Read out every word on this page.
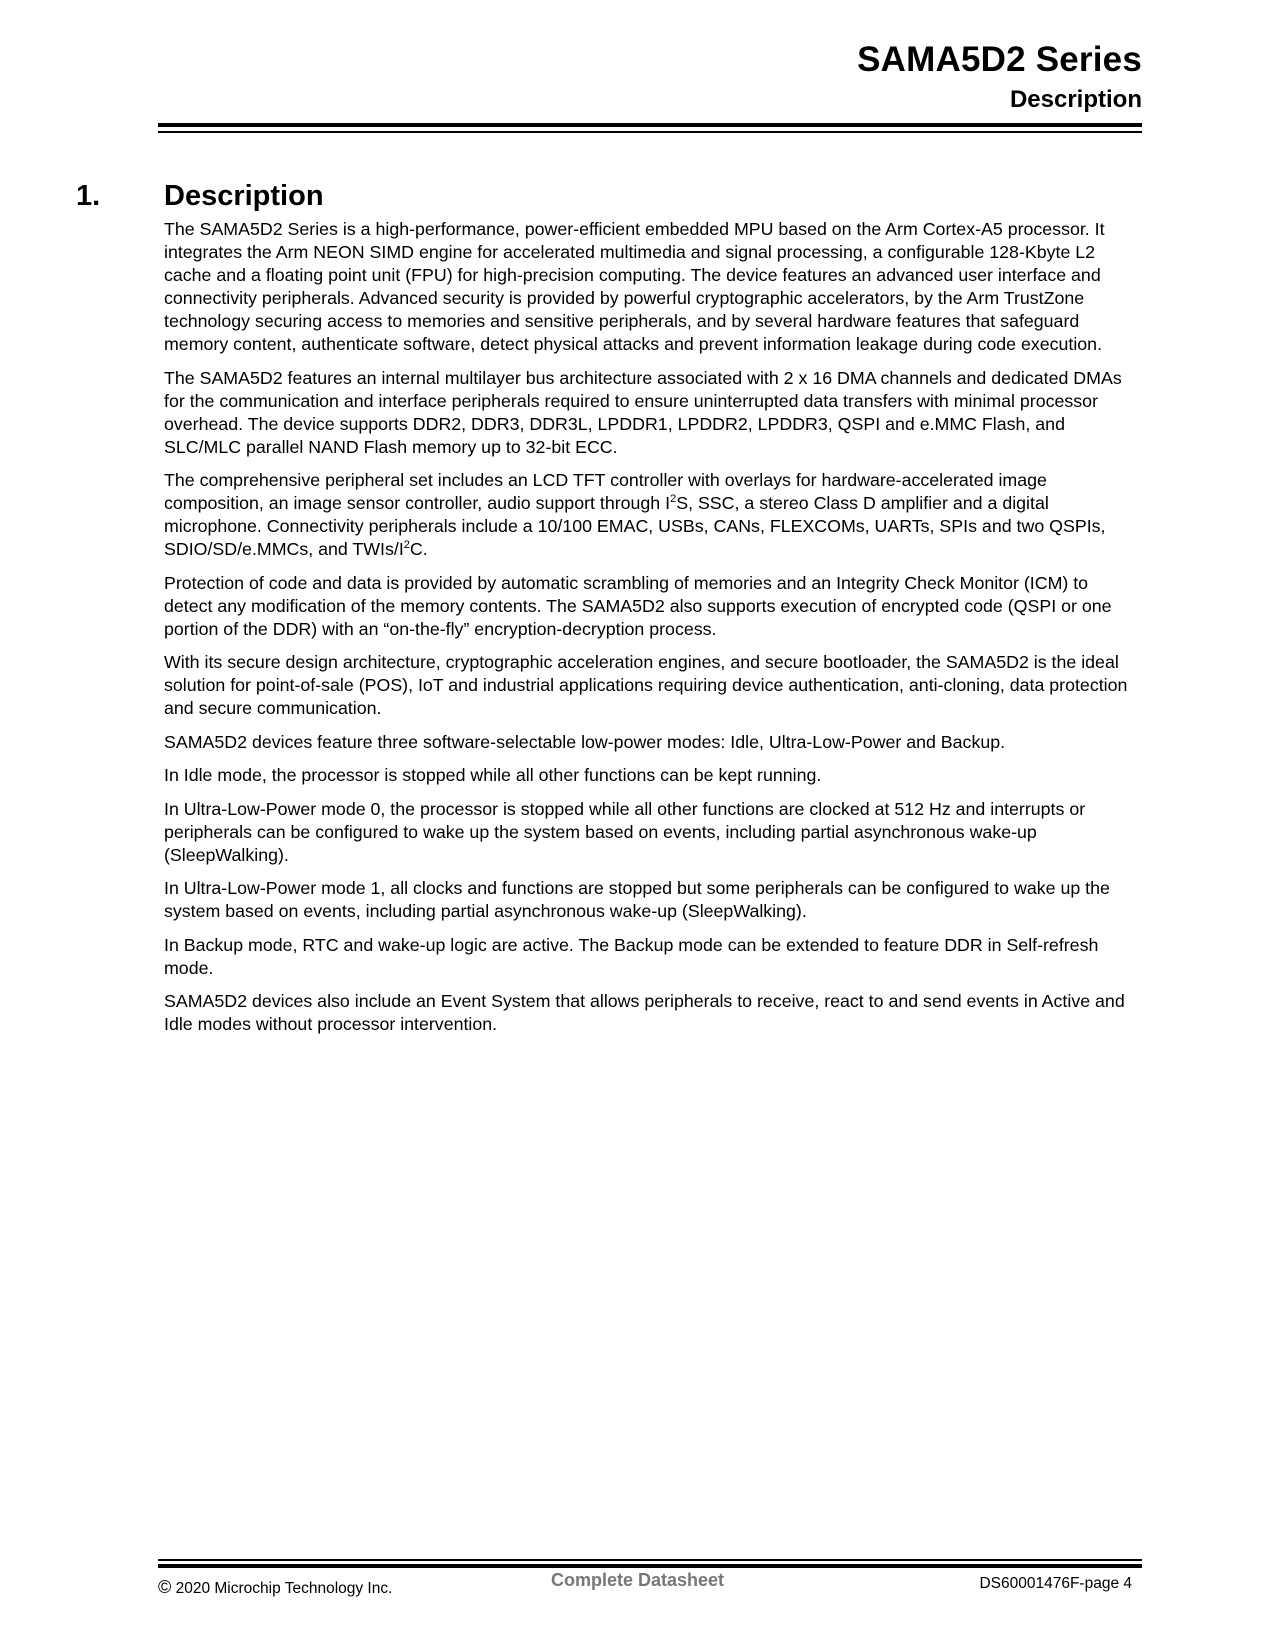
SAMA5D2 Series
Description
1. Description

The SAMA5D2 Series is a high-performance, power-efficient embedded MPU based on the Arm Cortex-A5 processor. It integrates the Arm NEON SIMD engine for accelerated multimedia and signal processing, a configurable 128-Kbyte L2 cache and a floating point unit (FPU) for high-precision computing. The device features an advanced user interface and connectivity peripherals. Advanced security is provided by powerful cryptographic accelerators, by the Arm TrustZone technology securing access to memories and sensitive peripherals, and by several hardware features that safeguard memory content, authenticate software, detect physical attacks and prevent information leakage during code execution.

The SAMA5D2 features an internal multilayer bus architecture associated with 2 x 16 DMA channels and dedicated DMAs for the communication and interface peripherals required to ensure uninterrupted data transfers with minimal processor overhead. The device supports DDR2, DDR3, DDR3L, LPDDR1, LPDDR2, LPDDR3, QSPI and e.MMC Flash, and SLC/MLC parallel NAND Flash memory up to 32-bit ECC.

The comprehensive peripheral set includes an LCD TFT controller with overlays for hardware-accelerated image composition, an image sensor controller, audio support through $I^2S$, SSC, a stereo Class D amplifier and a digital microphone. Connectivity peripherals include a 10/100 EMAC, USBs, CANs, FLEXCOMs, UARTs, SPIs and two QSPIs, SDIO/SD/e.MMCs, and TWIs/$I^2C$.

Protection of code and data is provided by automatic scrambling of memories and an Integrity Check Monitor (ICM) to detect any modification of the memory contents. The SAMA5D2 also supports execution of encrypted code (QSPI or one portion of the DDR) with an “on-the-fly” encryption-decryption process.

With its secure design architecture, cryptographic acceleration engines, and secure bootloader, the SAMA5D2 is the ideal solution for point-of-sale (POS), IoT and industrial applications requiring device authentication, anti-cloning, data protection and secure communication.

SAMA5D2 devices feature three software-selectable low-power modes: Idle, Ultra-Low-Power and Backup.

In Idle mode, the processor is stopped while all other functions can be kept running.

In Ultra-Low-Power mode 0, the processor is stopped while all other functions are clocked at 512 Hz and interrupts or peripherals can be configured to wake up the system based on events, including partial asynchronous wake-up (SleepWalking).

In Ultra-Low-Power mode 1, all clocks and functions are stopped but some peripherals can be configured to wake up the system based on events, including partial asynchronous wake-up (SleepWalking).

In Backup mode, RTC and wake-up logic are active. The Backup mode can be extended to feature DDR in Self-refresh mode.

SAMA5D2 devices also include an Event System that allows peripherals to receive, react to and send events in Active and Idle modes without processor intervention.

© 2020 Microchip Technology Inc.	Complete Datasheet	DS60001476F-page 4
